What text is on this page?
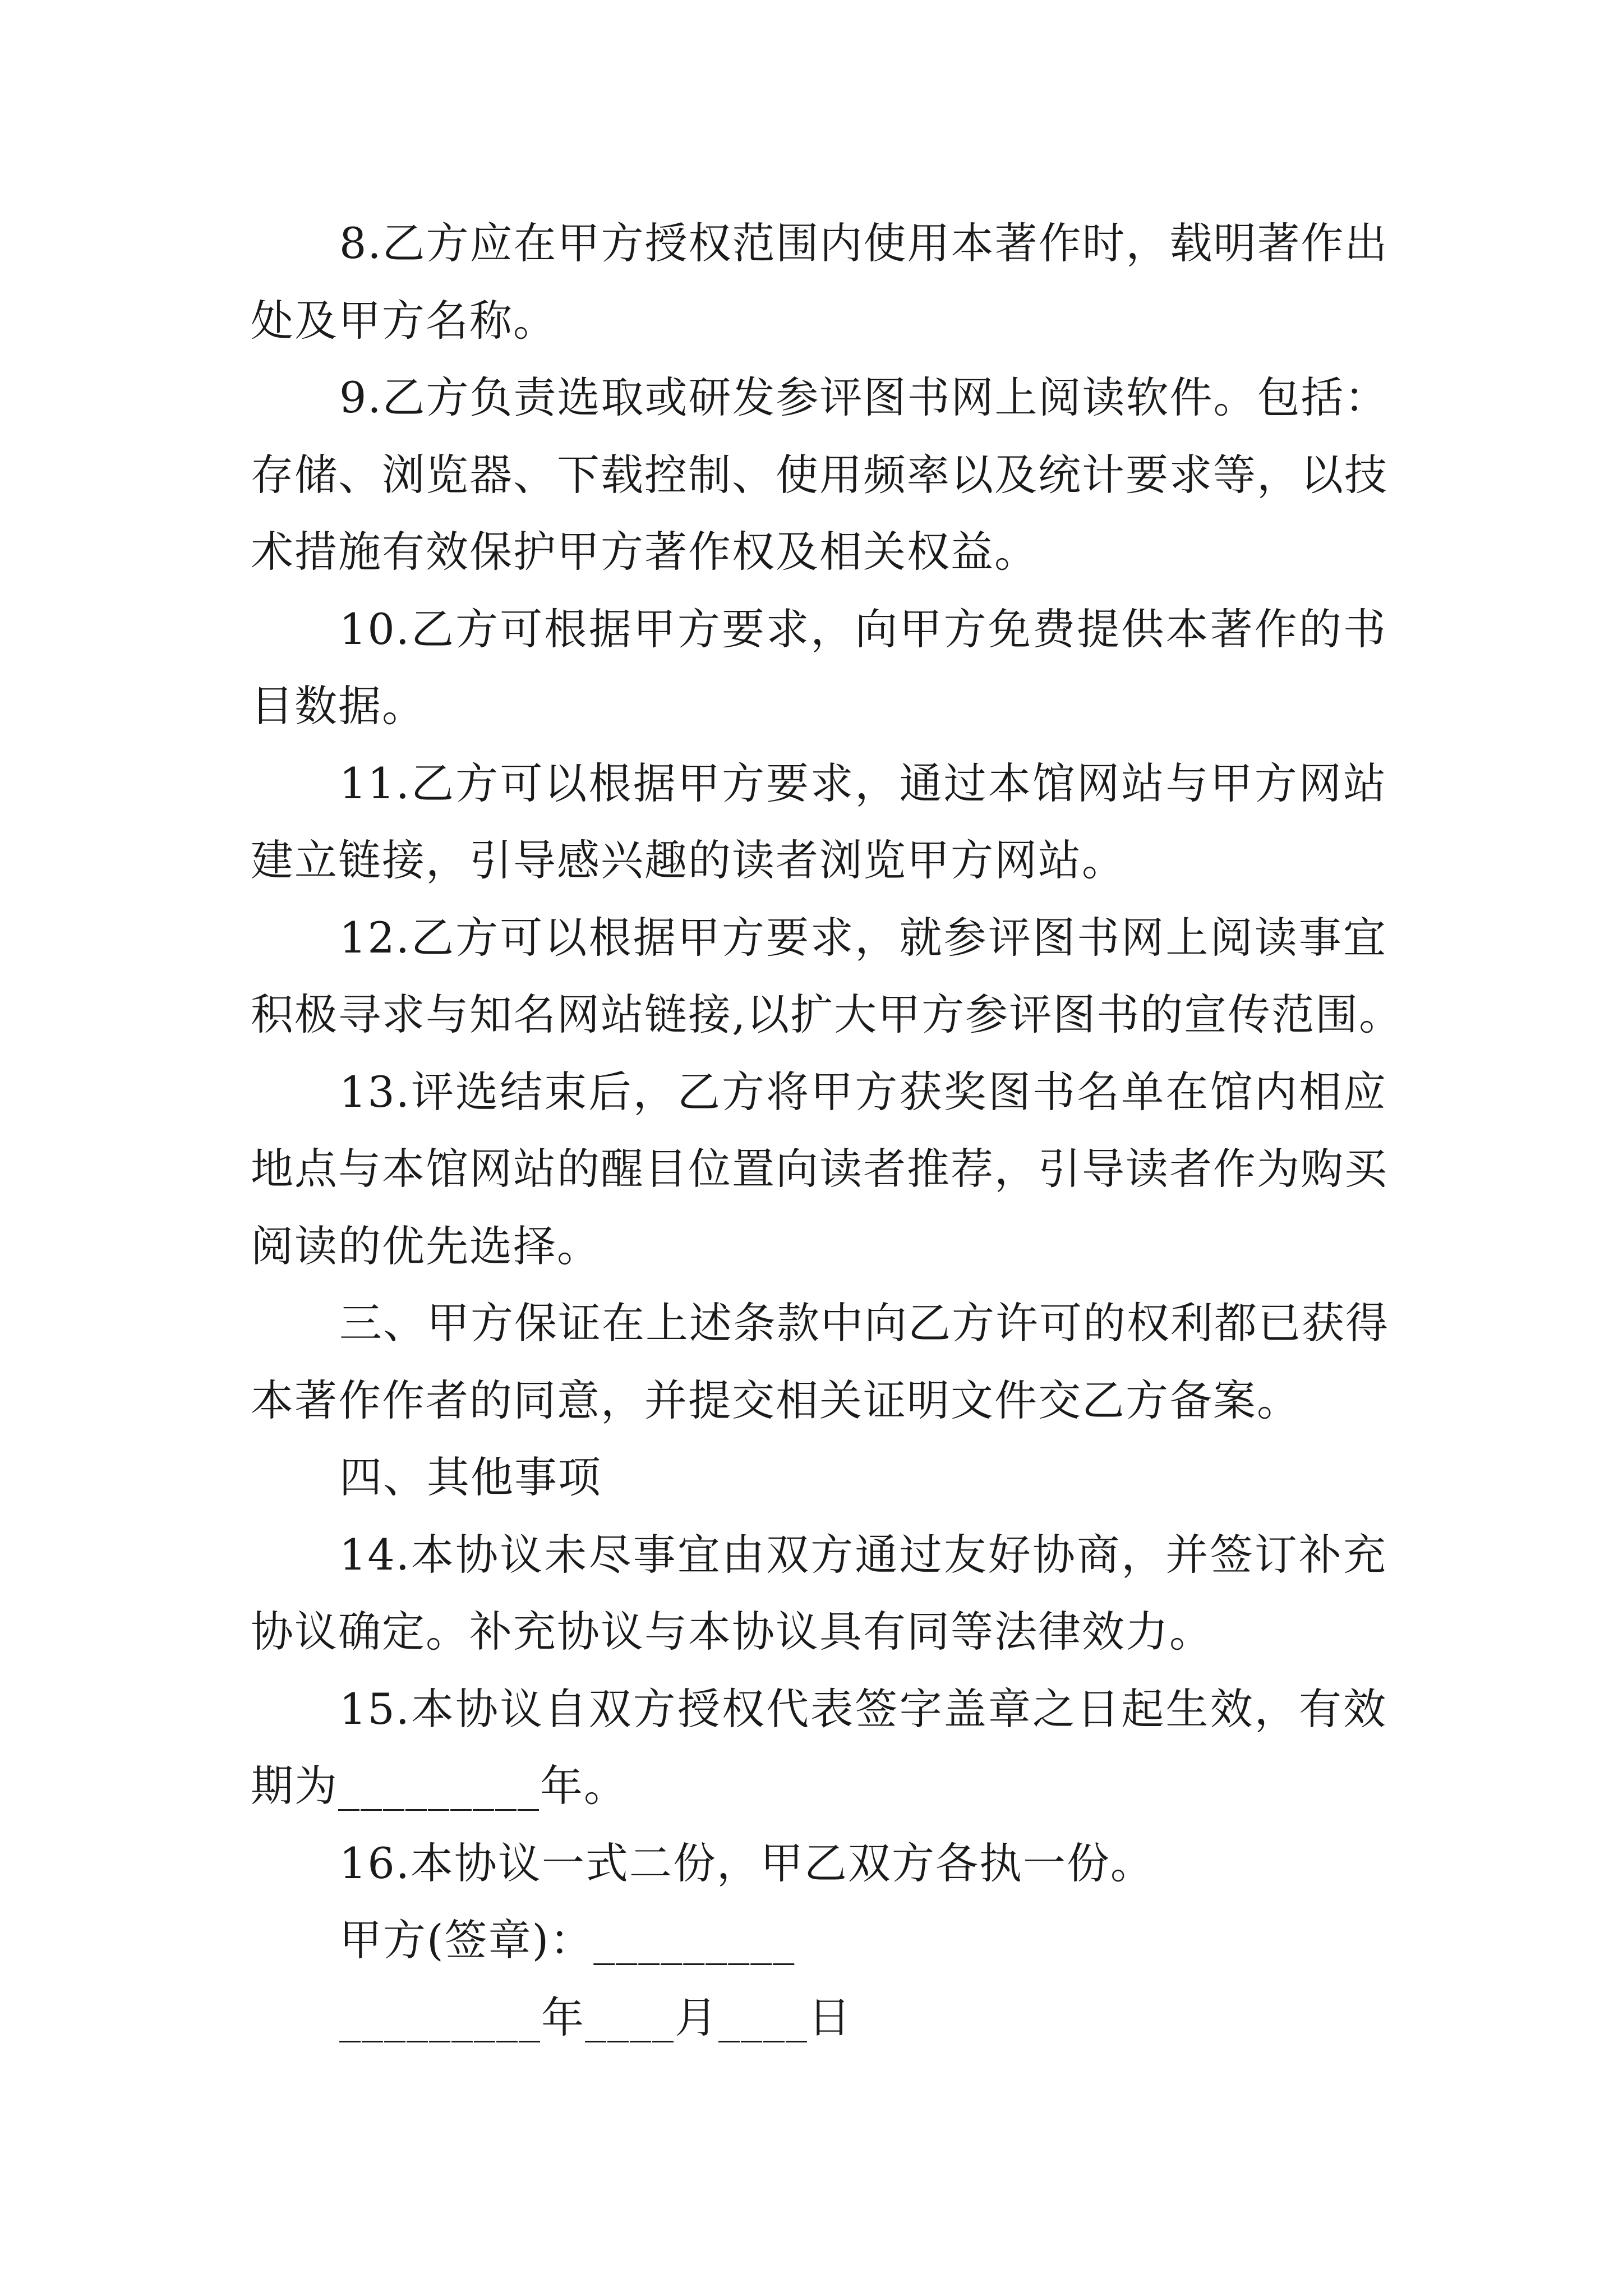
8.乙方应在甲方授权范围内使用本著作时，载明著作出
处及甲方名称。
9.乙方负责选取或研发参评图书网上阅读软件。包括：
存储、浏览器、下载控制、使用频率以及统计要求等，以技
术措施有效保护甲方著作权及相关权益。
10.乙方可根据甲方要求，向甲方免费提供本著作的书
目数据。
11.乙方可以根据甲方要求，通过本馆网站与甲方网站
建立链接，引导感兴趣的读者浏览甲方网站。
12.乙方可以根据甲方要求，就参评图书网上阅读事宜
积极寻求与知名网站链接,以扩大甲方参评图书的宣传范围。
13.评选结束后，乙方将甲方获奖图书名单在馆内相应
地点与本馆网站的醒目位置向读者推荐，引导读者作为购买
阅读的优先选择。
三、甲方保证在上述条款中向乙方许可的权利都已获得
本著作作者的同意，并提交相关证明文件交乙方备案。
四、其他事项
14.本协议未尽事宜由双方通过友好协商，并签订补充
协议确定。补充协议与本协议具有同等法律效力。
15.本协议自双方授权代表签字盖章之日起生效，有效
期为_________年。
16.本协议一式二份，甲乙双方各执一份。
甲方(签章)：_________
_________年____月____日
